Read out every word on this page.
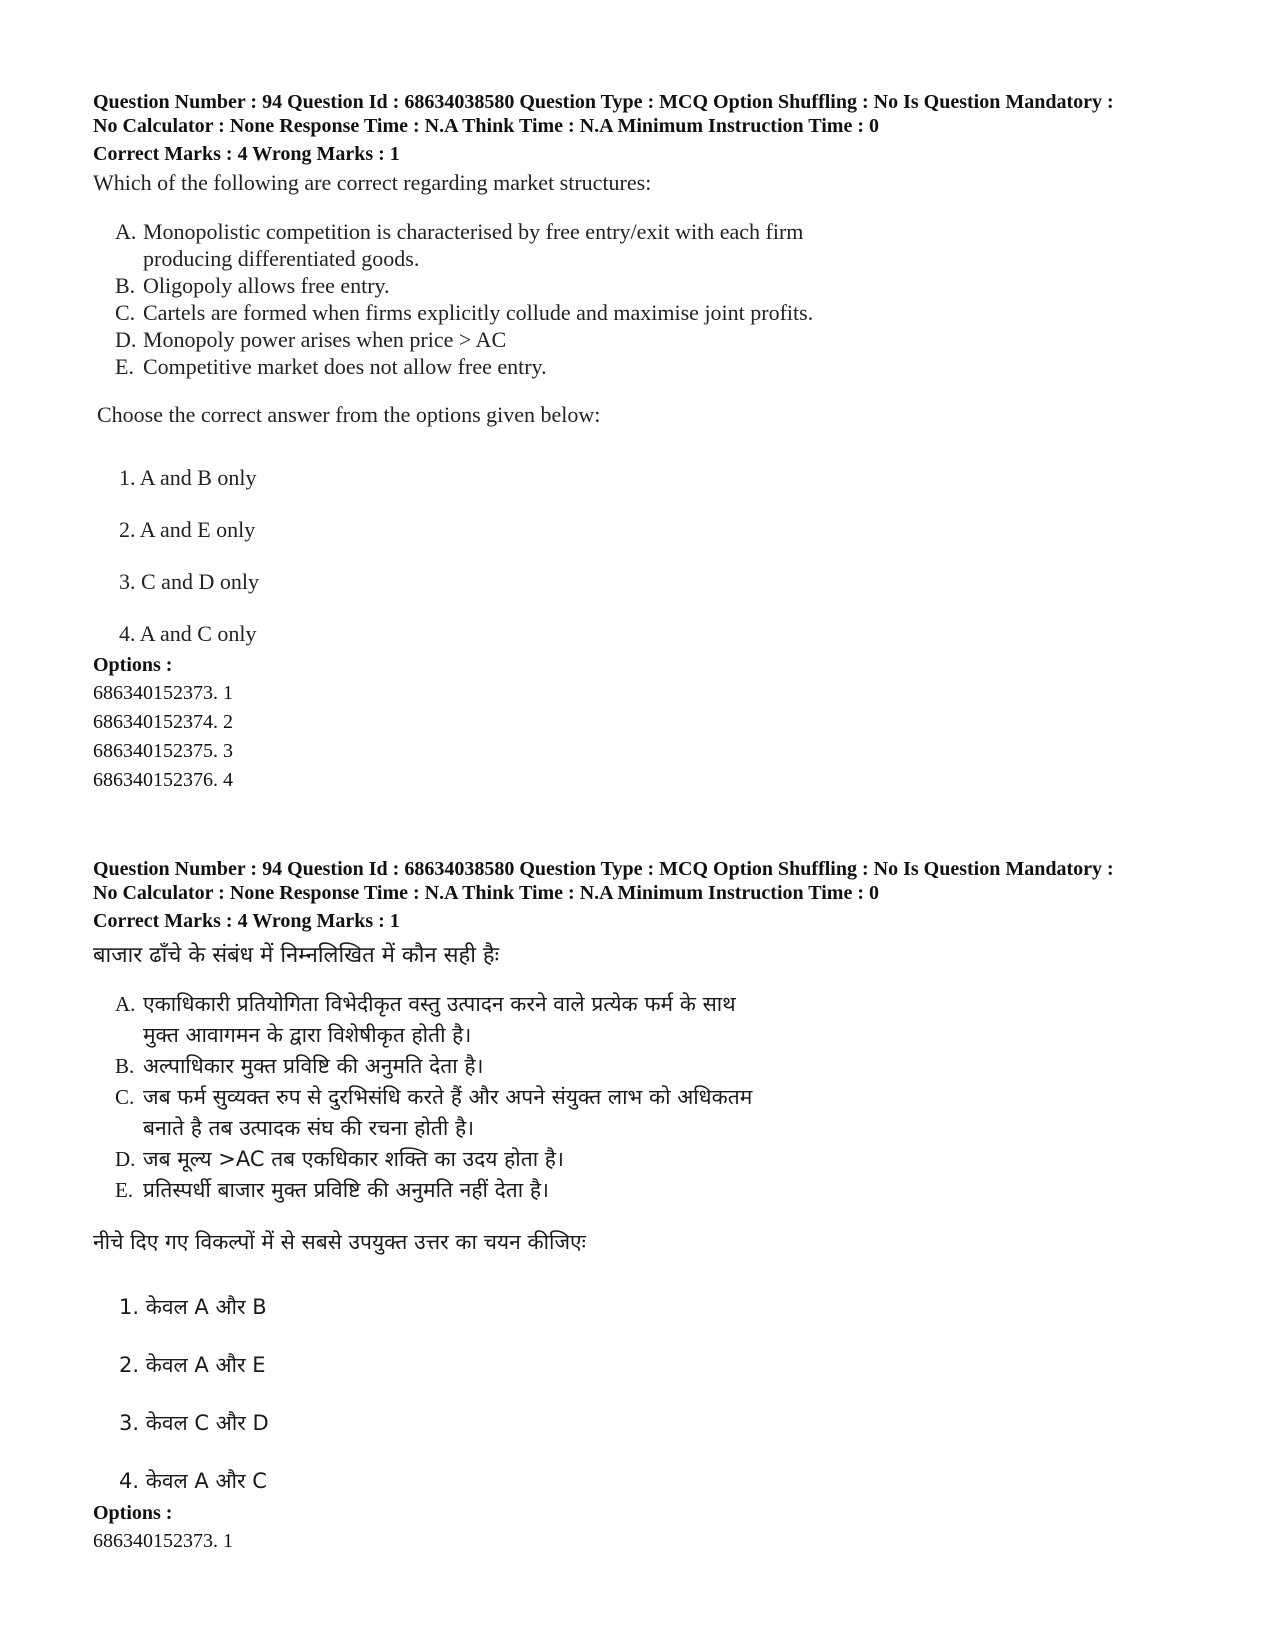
Question Number : 94 Question Id : 68634038580 Question Type : MCQ Option Shuffling : No Is Question Mandatory :
No Calculator : None Response Time : N.A Think Time : N.A Minimum Instruction Time : 0
Correct Marks : 4 Wrong Marks : 1
Which of the following are correct regarding market structures:
A. Monopolistic competition is characterised by free entry/exit with each firm
producing differentiated goods.
B. Oligopoly allows free entry.
C. Cartels are formed when firms explicitly collude and maximise joint profits.
D. Monopoly power arises when price > AC
E. Competitive market does not allow free entry.
Choose the correct answer from the options given below:
1. A and B only
2. A and E only
3. C and D only
4. A and C only
Options :
686340152373. 1
686340152374. 2
686340152375. 3
686340152376. 4
Question Number : 94 Question Id : 68634038580 Question Type : MCQ Option Shuffling : No Is Question Mandatory :
No Calculator : None Response Time : N.A Think Time : N.A Minimum Instruction Time : 0
Correct Marks : 4 Wrong Marks : 1
बाजार ढाँचे के संबंध में निम्नलिखित में कौन सही हैः
A. एकाधिकारी प्रतियोगिता विभेदीकृत वस्तु उत्पादन करने वाले प्रत्येक फर्म के साथ
मुक्त आवागमन के द्वारा विशेषीकृत होती है।
B. अल्पाधिकार मुक्त प्रविष्टि की अनुमति देता है।
C. जब फर्म सुव्यक्त रुप से दुरभिसंधि करते हैं और अपने संयुक्त लाभ को अधिकतम
बनाते है तब उत्पादक संघ की रचना होती है।
D. जब मूल्य >AC तब एकधिकार शक्ति का उदय होता है।
E. प्रतिस्पर्धी बाजार मुक्त प्रविष्टि की अनुमति नहीं देता है।
नीचे दिए गए विकल्पों में से सबसे उपयुक्त उत्तर का चयन कीजिएः
1. केवल A और B
2. केवल A और E
3. केवल C और D
4. केवल A और C
Options :
686340152373. 1
